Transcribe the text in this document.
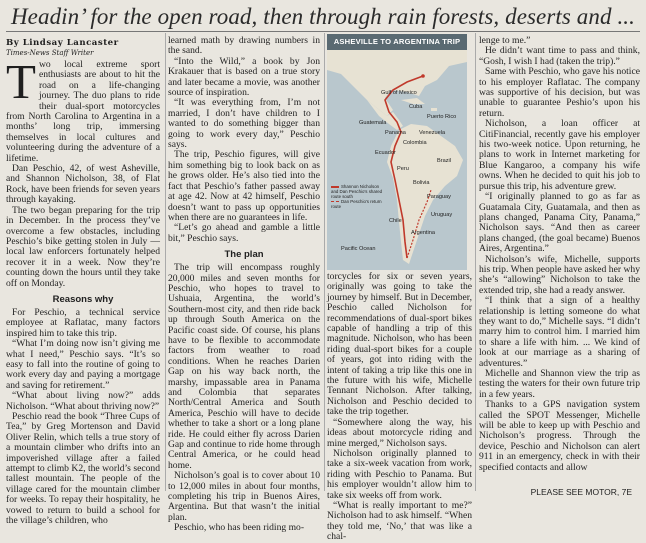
Headin’ for the open road, then through rain forests, deserts and ...
By Lindsay Lancaster
Times-News Staff Writer

Two local extreme sport enthusiasts are about to hit the road on a life-changing journey. The duo plans to ride their dual-sport motorcycles from North Carolina to Argentina in a months’ long trip, immersing themselves in local cultures and volunteering during the adventure of a lifetime.

Dan Peschio, 42, of west Asheville, and Shannon Nicholson, 38, of Flat Rock, have been friends for seven years through kayaking.

The two began preparing for the trip in December. In the process they’ve overcome a few obstacles, including Peschio’s bike getting stolen in July — local law enforcers fortunately helped recover it in a week. Now they’re counting down the hours until they take off on Monday.

Reasons why

For Peschio, a technical service employee at Raflatac, many factors inspired him to take this trip.

“What I’m doing now isn’t giving me what I need,” Peschio says. “It’s so easy to fall into the routine of going to work every day and paying a mortgage and saving for retirement.”

“What about living now?” adds Nicholson. “What about thriving now?”

Peschio read the book “Three Cups of Tea,” by Greg Mortenson and David Oliver Relin, which tells a true story of a mountain climber who drifts into an impoverished village after a failed attempt to climb K2, the world’s second tallest mountain. The people of the village cared for the mountain climber for weeks. To repay their hospitality, he vowed to return to build a school for the village’s children, who

learned math by drawing numbers in the sand.

“Into the Wild,” a book by Jon Krakauer that is based on a true story and later became a movie, was another source of inspiration.

“It was everything from, I’m not married, I don’t have children to I wanted to do something bigger than going to work every day,” Peschio says.

The trip, Peschio figures, will give him something big to look back on as he grows older. He’s also tied into the fact that Peschio’s father passed away at age 42. Now at 42 himself, Peschio doesn’t want to pass up opportunities when there are no guarantees in life.

“Let’s go ahead and gamble a little bit,” Peschio says.

The plan

The trip will encompass roughly 20,000 miles and seven months for Peschio, who hopes to travel to Ushuaia, Argentina, the world’s Southern-most city, and then ride back up through South America on the Pacific coast side. Of course, his plans have to be flexible to accommodate factors from weather to road conditions. When he reaches Darien Gap on his way back north, the marshy, impassable area in Panama and Colombia that separates North/Central America and South America, Peschio will have to decide whether to take a short or a long plane ride. He could either fly across Darien Gap and continue to ride home through Central America, or he could head home.

Nicholson’s goal is to cover about 10 to 12,000 miles in about four months, completing his trip in Buenos Aires, Argentina. But that wasn’t the initial plan.

Peschio, who has been riding mo-

ASHEVILLE TO ARGENTINA TRIP
Gulf of Mexico
Cuba
Puerto Rico
Guatemala
Panama Venezuela
Colombia
Ecuador
Brazil
Peru
Bolivia
Paraguay
Uruguay
Chile
Argentina
Pacific Ocean
Shannon Nicholson and Dan Peschio's shared route south
Dan Peschio's return route

torcycles for six or seven years, originally was going to take the journey by himself. But in December, Peschio called Nicholson for recommendations of dual-sport bikes capable of handling a trip of this magnitude. Nicholson, who has been riding dual-sport bikes for a couple of years, got into riding with the intent of taking a trip like this one in the future with his wife, Michelle Tennant Nicholson. After talking, Nicholson and Peschio decided to take the trip together.

“Somewhere along the way, his ideas about motorcycle riding and mine merged,” Nicholson says.

Nicholson originally planned to take a six-week vacation from work, riding with Peschio to Panama. But his employer wouldn’t allow him to take six weeks off from work.

“What is really important to me?” Nicholson had to ask himself. “When they told me, ‘No,’ that was like a chal-

lenge to me.”

He didn’t want time to pass and think, “Gosh, I wish I had (taken the trip).”

Same with Peschio, who gave his notice to his employer Raflatac. The company was supportive of his decision, but was unable to guarantee Peshio’s upon his return.

Nicholson, a loan officer at CitiFinancial, recently gave his employer his two-week notice. Upon returning, he plans to work in Internet marketing for Blue Kangaroo, a company his wife owns. When he decided to quit his job to pursue this trip, his adventure grew.

“I originally planned to go as far as Guatamala City, Guatamala, and then as plans changed, Panama City, Panama,” Nicholson says. “And then as career plans changed, (the goal became) Buenos Aires, Argentina.”

Nicholson’s wife, Michelle, supports his trip. When people have asked her why she’s “allowing” Nicholson to take the extended trip, she had a ready answer.

“I think that a sign of a healthy relationship is letting someone do what they want to do,” Michelle says. “I didn’t marry him to control him. I married him to share a life with him. ... We kind of look at our marriage as a sharing of adventures.”

Michelle and Shannon view the trip as testing the waters for their own future trip in a few years.

Thanks to a GPS navigation system called the SPOT Messenger, Michelle will be able to keep up with Peschio and Nicholson’s progress. Through the device, Peschio and Nicholson can alert 911 in an emergency, check in with their specified contacts and allow

PLEASE SEE MOTOR, 7E
